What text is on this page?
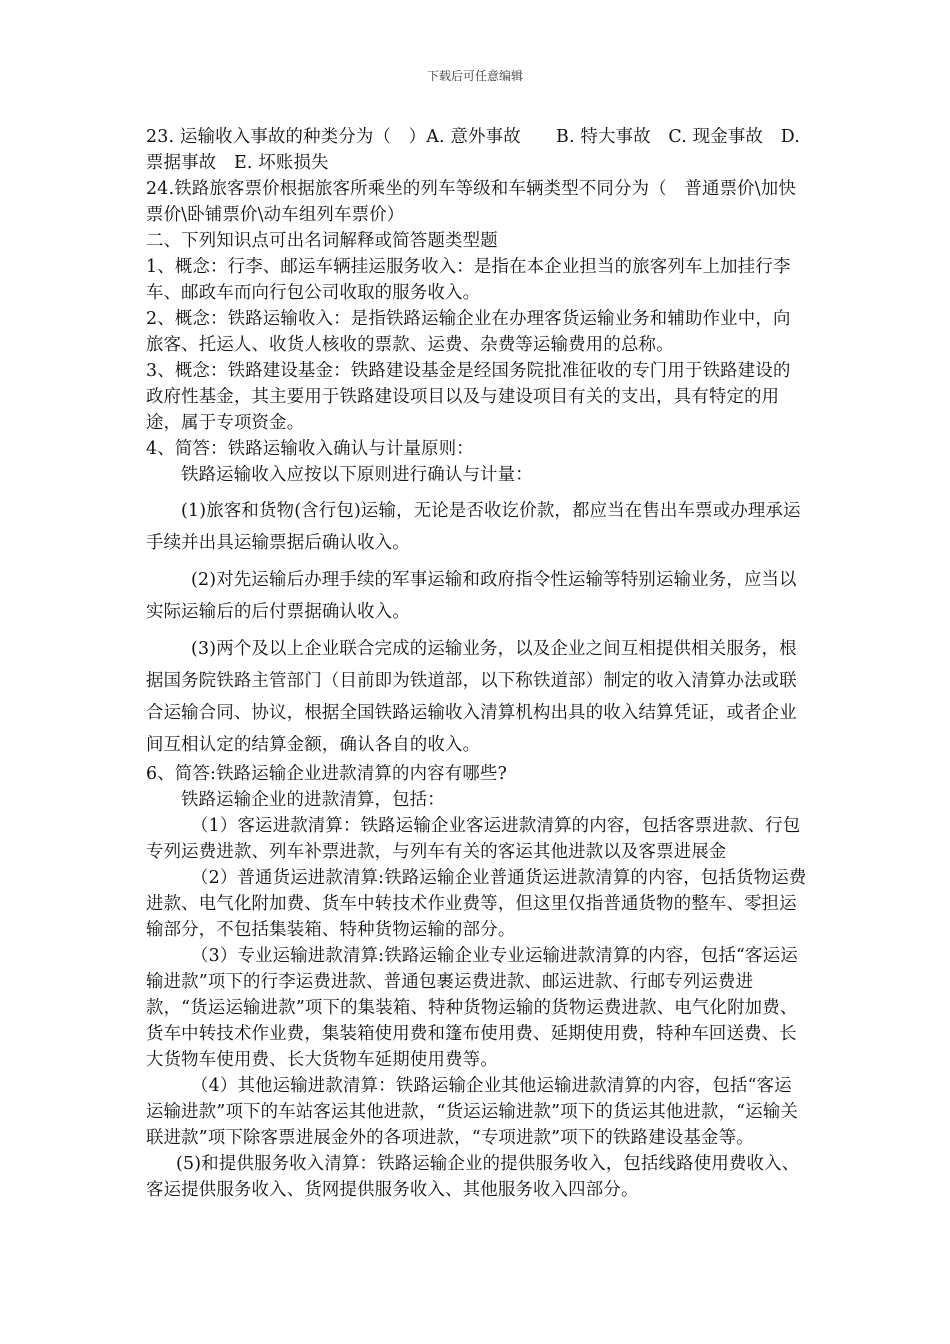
下载后可任意编辑

23. 运输收入事故的种类分为（　）A. 意外事故　　B. 特大事故　C. 现金事故　D. 票据事故　E. 坏账损失

24.铁路旅客票价根据旅客所乘坐的列车等级和车辆类型不同分为（　普通票价\加快票价\卧铺票价\动车组列车票价）

二、下列知识点可出名词解释或简答题类型题

1、概念：行李、邮运车辆挂运服务收入：是指在本企业担当的旅客列车上加挂行李车、邮政车而向行包公司收取的服务收入。

2、概念：铁路运输收入：是指铁路运输企业在办理客货运输业务和辅助作业中，向旅客、托运人、收货人核收的票款、运费、杂费等运输费用的总称。

3、概念：铁路建设基金：铁路建设基金是经国务院批准征收的专门用于铁路建设的政府性基金，其主要用于铁路建设项目以及与建设项目有关的支出，具有特定的用途，属于专项资金。

4、简答：铁路运输收入确认与计量原则：

铁路运输收入应按以下原则进行确认与计量：

(1)旅客和货物(含行包)运输，无论是否收讫价款，都应当在售出车票或办理承运手续并出具运输票据后确认收入。

(2)对先运输后办理手续的军事运输和政府指令性运输等特别运输业务，应当以实际运输后的后付票据确认收入。

(3)两个及以上企业联合完成的运输业务，以及企业之间互相提供相关服务，根据国务院铁路主管部门（目前即为铁道部，以下称铁道部）制定的收入清算办法或联合运输合同、协议，根据全国铁路运输收入清算机构出具的收入结算凭证，或者企业间互相认定的结算金额，确认各自的收入。

6、简答:铁路运输企业进款清算的内容有哪些?

铁路运输企业的进款清算，包括：

（1）客运进款清算：铁路运输企业客运进款清算的内容，包括客票进款、行包专列运费进款、列车补票进款，与列车有关的客运其他进款以及客票进展金

（2）普通货运进款清算:铁路运输企业普通货运进款清算的内容，包括货物运费进款、电气化附加费、货车中转技术作业费等，但这里仅指普通货物的整车、零担运输部分，不包括集装箱、特种货物运输的部分。

（3）专业运输进款清算:铁路运输企业专业运输进款清算的内容，包括“客运运输进款”项下的行李运费进款、普通包裹运费进款、邮运进款、行邮专列运费进款，“货运运输进款”项下的集装箱、特种货物运输的货物运费进款、电气化附加费、货车中转技术作业费，集装箱使用费和篷布使用费、延期使用费，特种车回送费、长大货物车使用费、长大货物车延期使用费等。

（4）其他运输进款清算：铁路运输企业其他运输进款清算的内容，包括“客运运输进款”项下的车站客运其他进款，“货运运输进款”项下的货运其他进款，“运输关联进款”项下除客票进展金外的各项进款，“专项进款”项下的铁路建设基金等。

(5)和提供服务收入清算：铁路运输企业的提供服务收入，包括线路使用费收入、客运提供服务收入、货网提供服务收入、其他服务收入四部分。
